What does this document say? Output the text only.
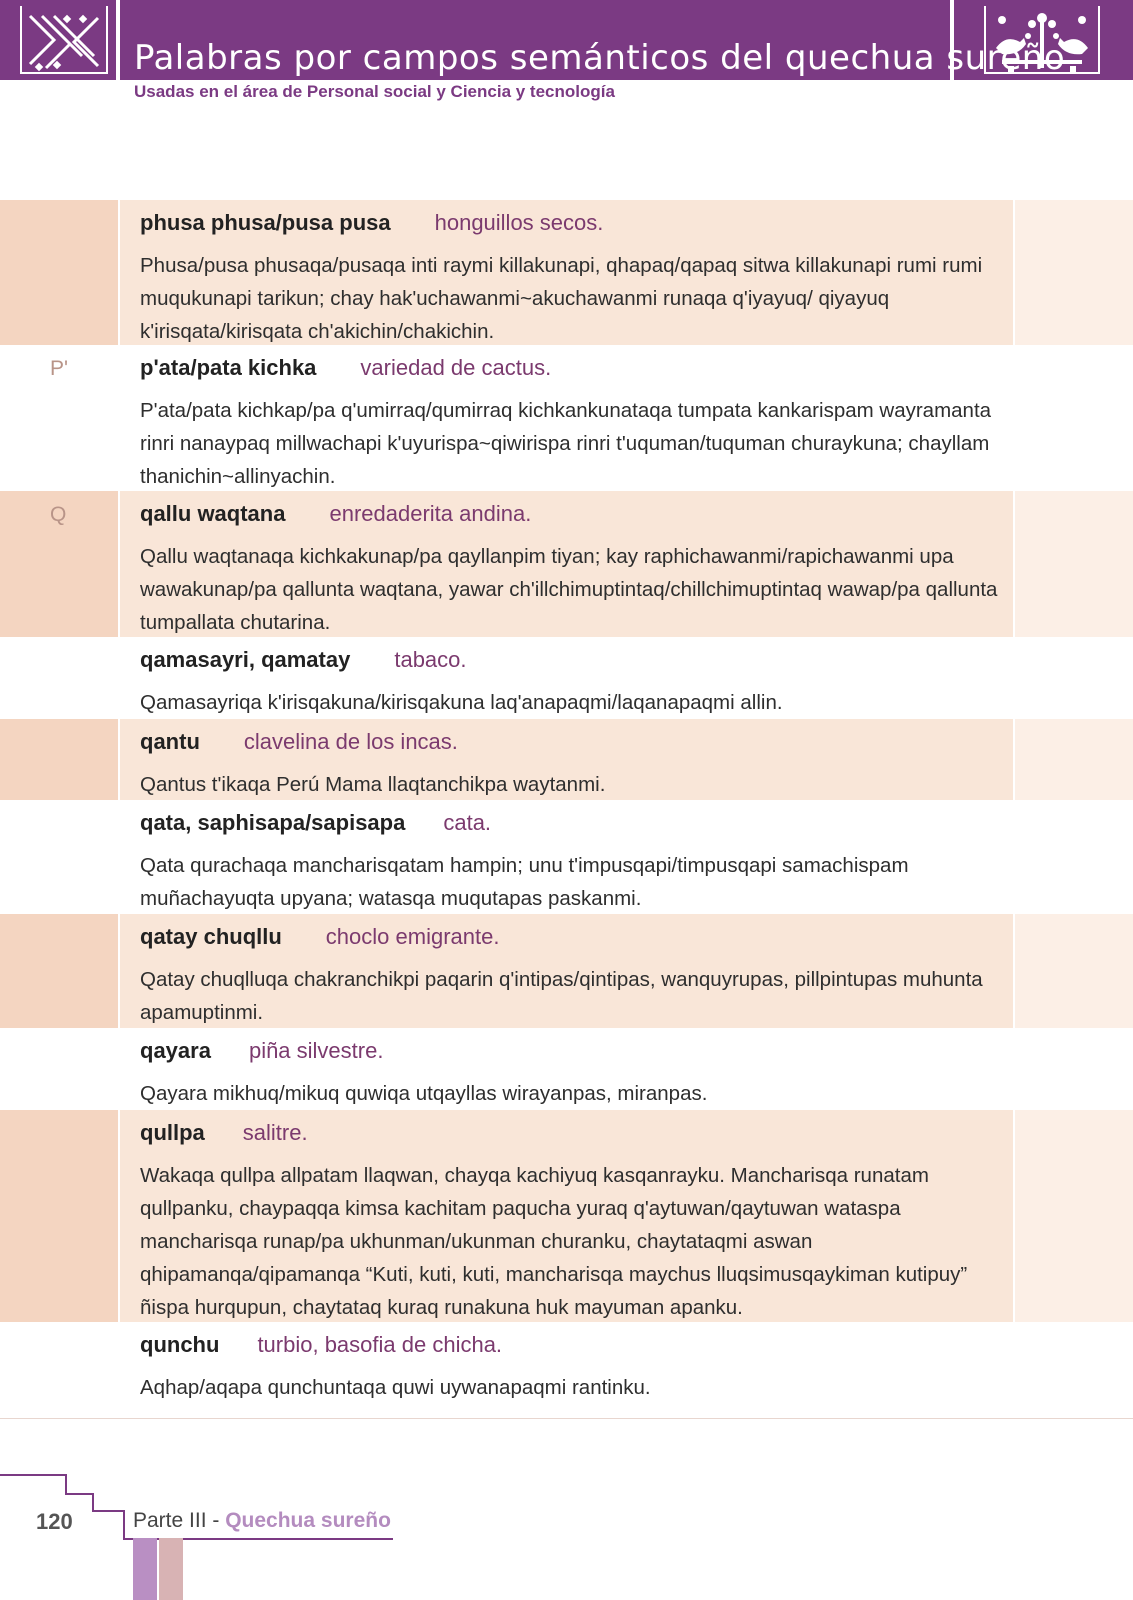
Palabras por campos semánticos del quechua sureño
Usadas en el área de Personal social y Ciencia y tecnología
phusa phusa/pusa pusa honguillos secos.
Phusa/pusa phusaqa/pusaqa inti raymi killakunapi, qhapaq/qapaq sitwa killakunapi rumi rumi muqukunapi tarikun; chay hak'uchawanmi~akuchawanmi runaqa q'iyayuq/ qiyayuq k'irisqata/kirisqata ch'akichin/chakichin.
P'	p'ata/pata kichka variedad de cactus.
P'ata/pata kichkap/pa q'umirraq/qumirraq kichkankunataqa tumpata kankarispam wayramanta rinri nanaypaq millwachapi k'uyurispa~qiwirispa rinri t'uquman/tuquman churaykuna; chayllam thanichin~allinyachin.
Q	qallu waqtana enredaderita andina.
Qallu waqtanaqa kichkakunap/pa qayllanpim tiyan; kay raphichawanmi/rapichawanmi upa wawakunap/pa qallunta waqtana, yawar ch'illchimuptintaq/chillchimuptintaq wawap/pa qallunta tumpallata chutarina.
qamasayri, qamatay tabaco.
Qamasayriqa k'irisqakuna/kirisqakuna laq'anapaqmi/laqanapaqmi allin.
qantu clavelina de los incas.
Qantus t'ikaqa Perú Mama llaqtanchikpa waytanmi.
qata, saphisapa/sapisapa cata.
Qata qurachaqa mancharisqatam hampin; unu t'impusqapi/timpusqapi samachispam muñachayuqta upyana; watasqa muqutapas paskanmi.
qatay chuqllu choclo emigrante.
Qatay chuqlluqa chakranchikpi paqarin q'intipas/qintipas, wanquyrupas, pillpintupas muhunta apamuptinmi.
qayara piña silvestre.
Qayara mikhuq/mikuq quwiqa utqayllas wirayanpas, miranpas.
qullpa salitre.
Wakaqa qullpa allpatam llaqwan, chayqa kachiyuq kasqanrayku. Mancharisqa runatam qullpanku, chaypaqqa kimsa kachitam paqucha yuraq q'aytuwan/qaytuwan wataspa mancharisqa runap/pa ukhunman/ukunman churanku, chaytataqmi aswan qhipamanqa/qipamanqa “Kuti, kuti, kuti, mancharisqa maychus lluqsimusqaykiman kutipuy” ñispa hurqupun, chaytataq kuraq runakuna huk mayuman apanku.
qunchu turbio, basofia de chicha.
Aqhap/aqapa qunchuntaqa quwi uywanapaqmi rantinku.
120	Parte III - Quechua sureño
